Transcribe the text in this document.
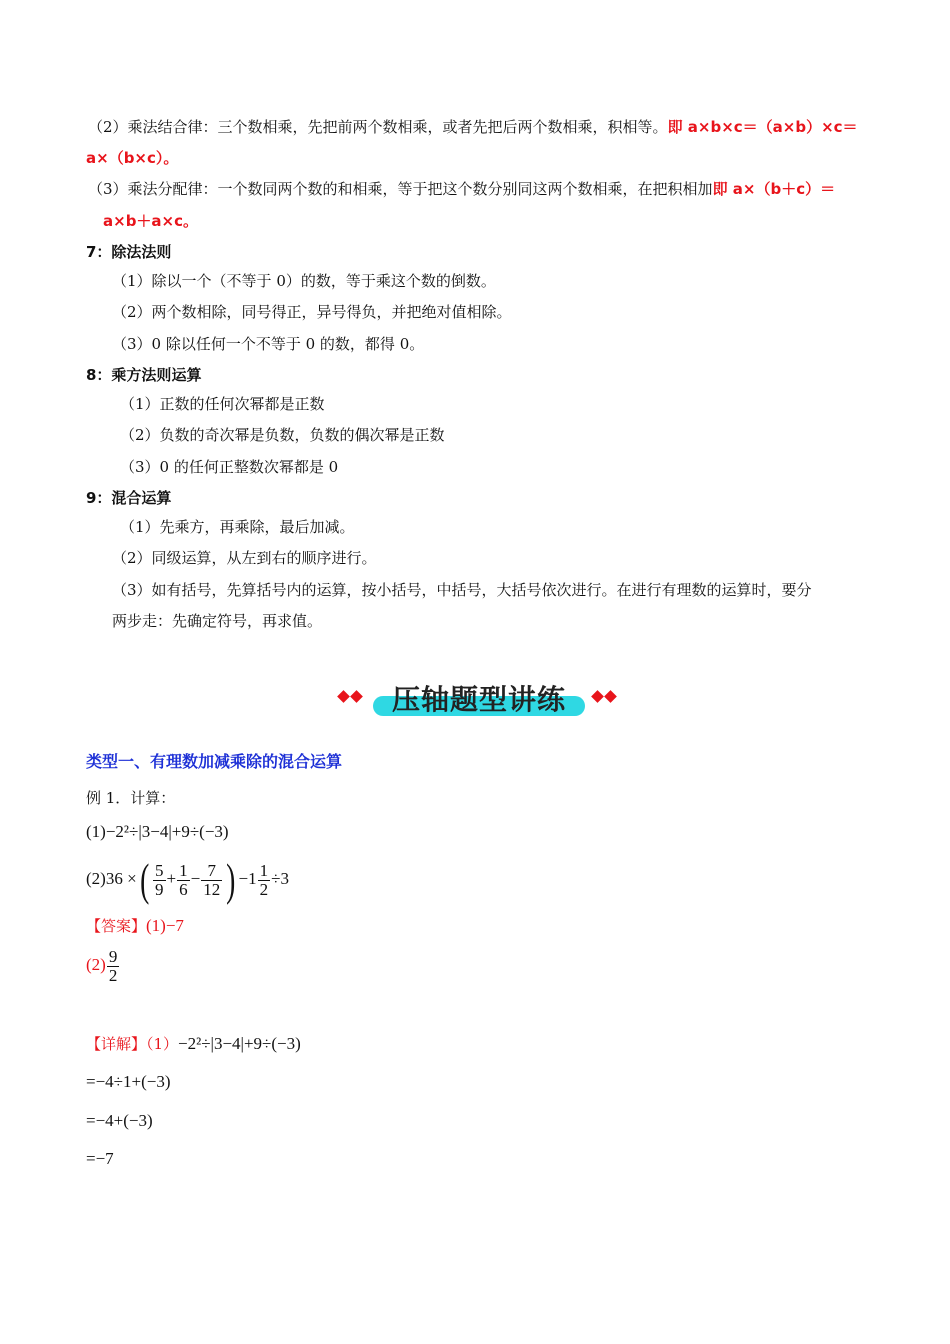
（2）乘法结合律：三个数相乘，先把前两个数相乘，或者先把后两个数相乘，积相等。即 a×b×c＝（a×b）×c＝
a×（b×c）。
（3）乘法分配律：一个数同两个数的和相乘，等于把这个数分别同这两个数相乘，在把积相加即 a×（b＋c）＝
a×b＋a×c。
7：除法法则
（1）除以一个（不等于 0）的数，等于乘这个数的倒数。
（2）两个数相除，同号得正，异号得负，并把绝对值相除。
（3）0 除以任何一个不等于 0 的数，都得 0。
8：乘方法则运算
（1）正数的任何次幂都是正数
（2）负数的奇次幂是负数，负数的偶次幂是正数
（3）0 的任何正整数次幂都是 0
9：混合运算
（1）先乘方，再乘除，最后加减。
（2）同级运算，从左到右的顺序进行。
（3）如有括号，先算括号内的运算，按小括号，中括号，大括号依次进行。在进行有理数的运算时，要分
两步走：先确定符号，再求值。
压轴题型讲练
类型一、有理数加减乘除的混合运算
例 1．计算：
(1)−2²÷|3−4|+9÷(−3)
(2)36 ×( $\frac{5}{9} + \frac{1}{6} - \frac{7}{12}$ ) $-1 \frac{1}{2} \div 3$
【答案】(1)−7
$(2) \frac{9}{2}$
【详解】（1）−2²÷|3−4|+9÷(−3)
=−4÷1+(−3)
=−4+(−3)
=−7
